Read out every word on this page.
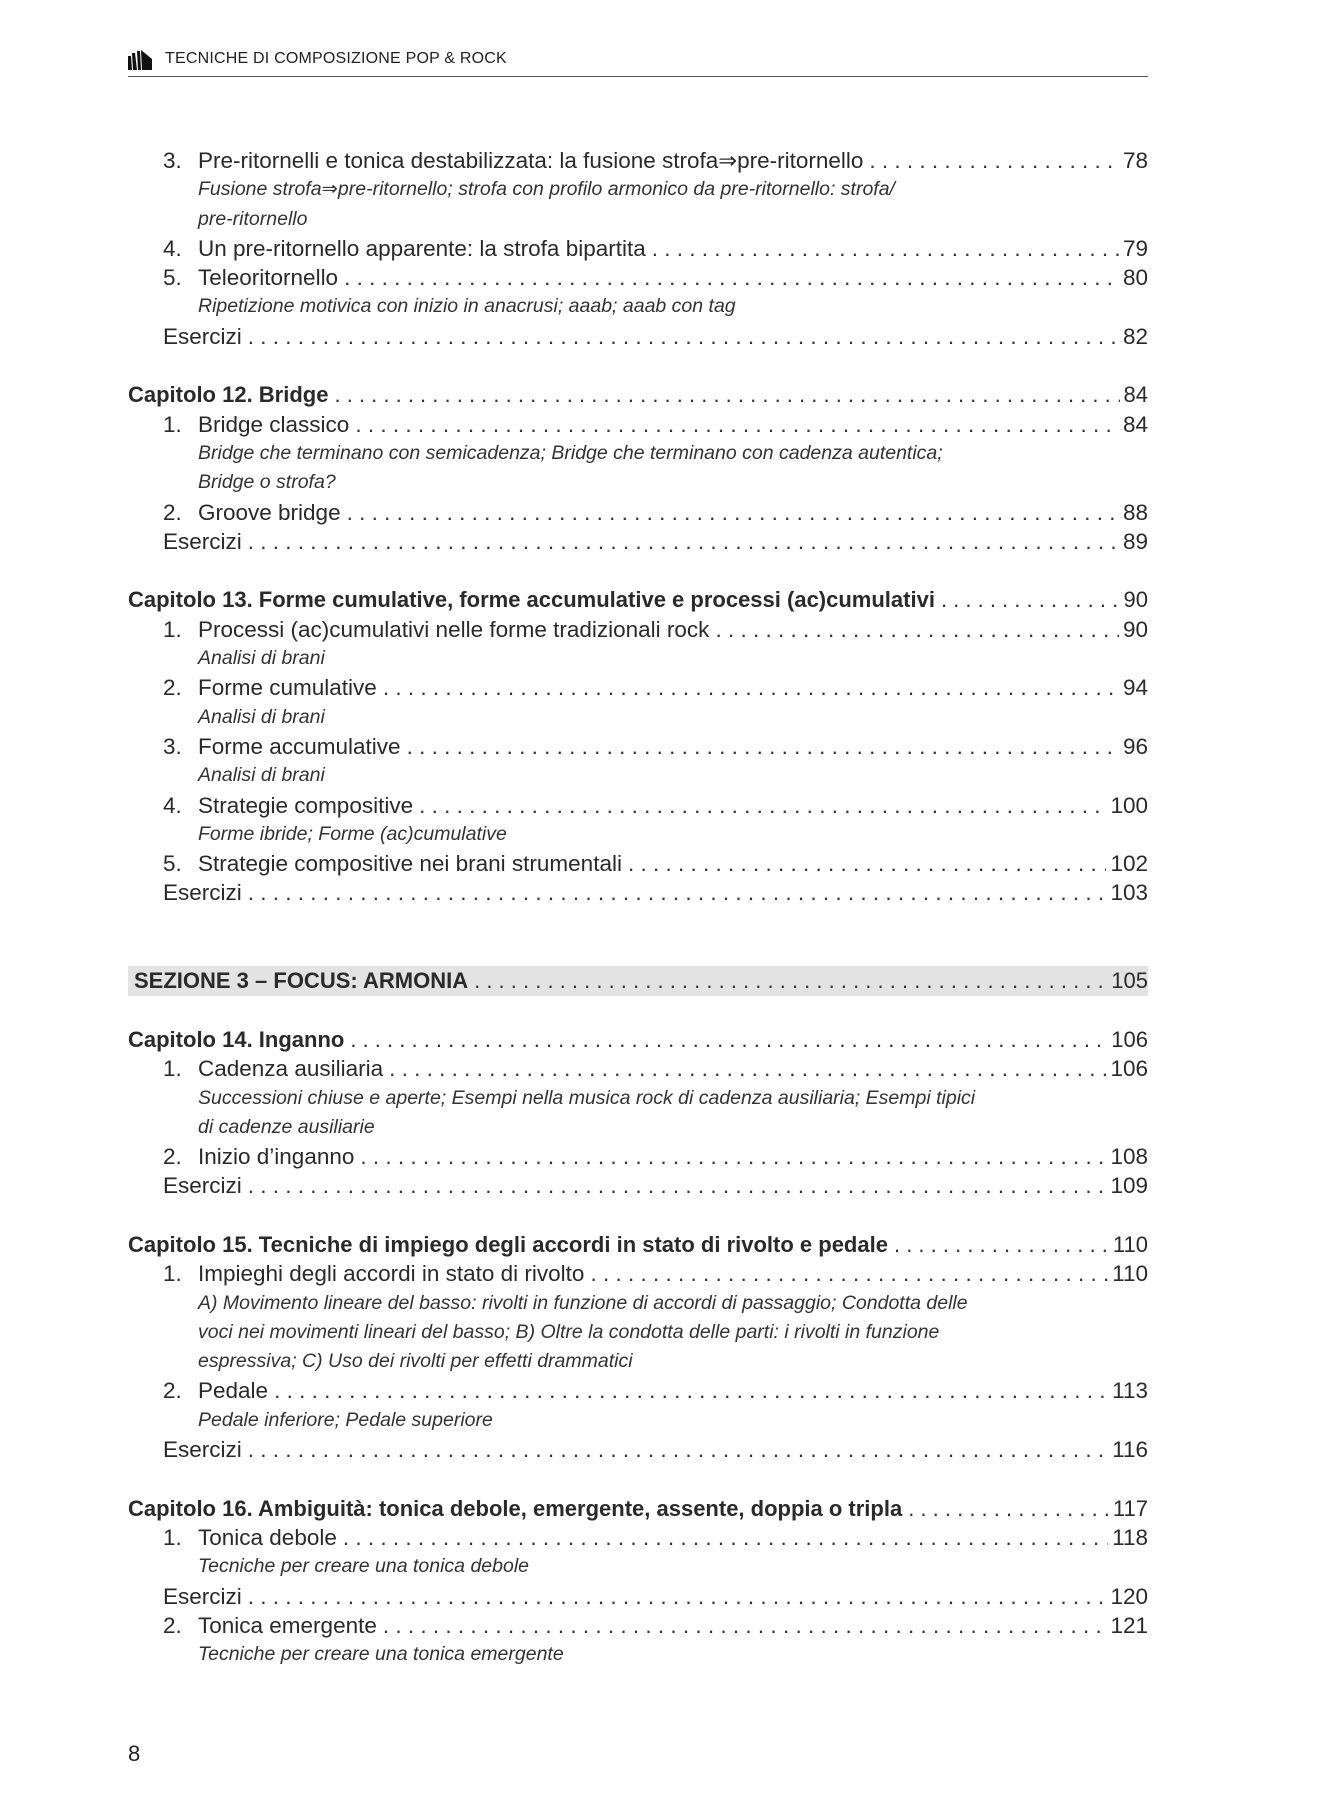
TECNICHE DI COMPOSIZIONE POP & ROCK
3. Pre-ritornelli e tonica destabilizzata: la fusione strofa⇒pre-ritornello . . .	78
Fusione strofa⇒pre-ritornello; strofa con profilo armonico da pre-ritornello: strofa/
pre-ritornello
4. Un pre-ritornello apparente: la strofa bipartita . . .	79
5. Teleoritornello . . .	80
Ripetizione motivica con inizio in anacrusi; aaab; aaab con tag
Esercizi . . .	82
Capitolo 12. Bridge . . .	84
1. Bridge classico . . .	84
Bridge che terminano con semicadenza; Bridge che terminano con cadenza autentica;
Bridge o strofa?
2. Groove bridge . . .	88
Esercizi . . .	89
Capitolo 13. Forme cumulative, forme accumulative e processi (ac)cumulativi . . .	90
1. Processi (ac)cumulativi nelle forme tradizionali rock . . .	90
Analisi di brani
2. Forme cumulative . . .	94
Analisi di brani
3. Forme accumulative . . .	96
Analisi di brani
4. Strategie compositive . . .	100
Forme ibride; Forme (ac)cumulative
5. Strategie compositive nei brani strumentali . . .	102
Esercizi . . .	103
SEZIONE 3 – FOCUS: ARMONIA . . .	105
Capitolo 14. Inganno . . .	106
1. Cadenza ausiliaria . . .	106
Successioni chiuse e aperte; Esempi nella musica rock di cadenza ausiliaria; Esempi tipici
di cadenze ausiliarie
2. Inizio d’inganno . . .	108
Esercizi . . .	109
Capitolo 15. Tecniche di impiego degli accordi in stato di rivolto e pedale . . .	110
1. Impieghi degli accordi in stato di rivolto . . .	110
A) Movimento lineare del basso: rivolti in funzione di accordi di passaggio; Condotta delle
voci nei movimenti lineari del basso; B) Oltre la condotta delle parti: i rivolti in funzione
espressiva; C) Uso dei rivolti per effetti drammatici
2. Pedale . . .	113
Pedale inferiore; Pedale superiore
Esercizi . . .	116
Capitolo 16. Ambiguità: tonica debole, emergente, assente, doppia o tripla . . .	117
1. Tonica debole . . .	118
Tecniche per creare una tonica debole
Esercizi . . .	120
2. Tonica emergente . . .	121
Tecniche per creare una tonica emergente
8
